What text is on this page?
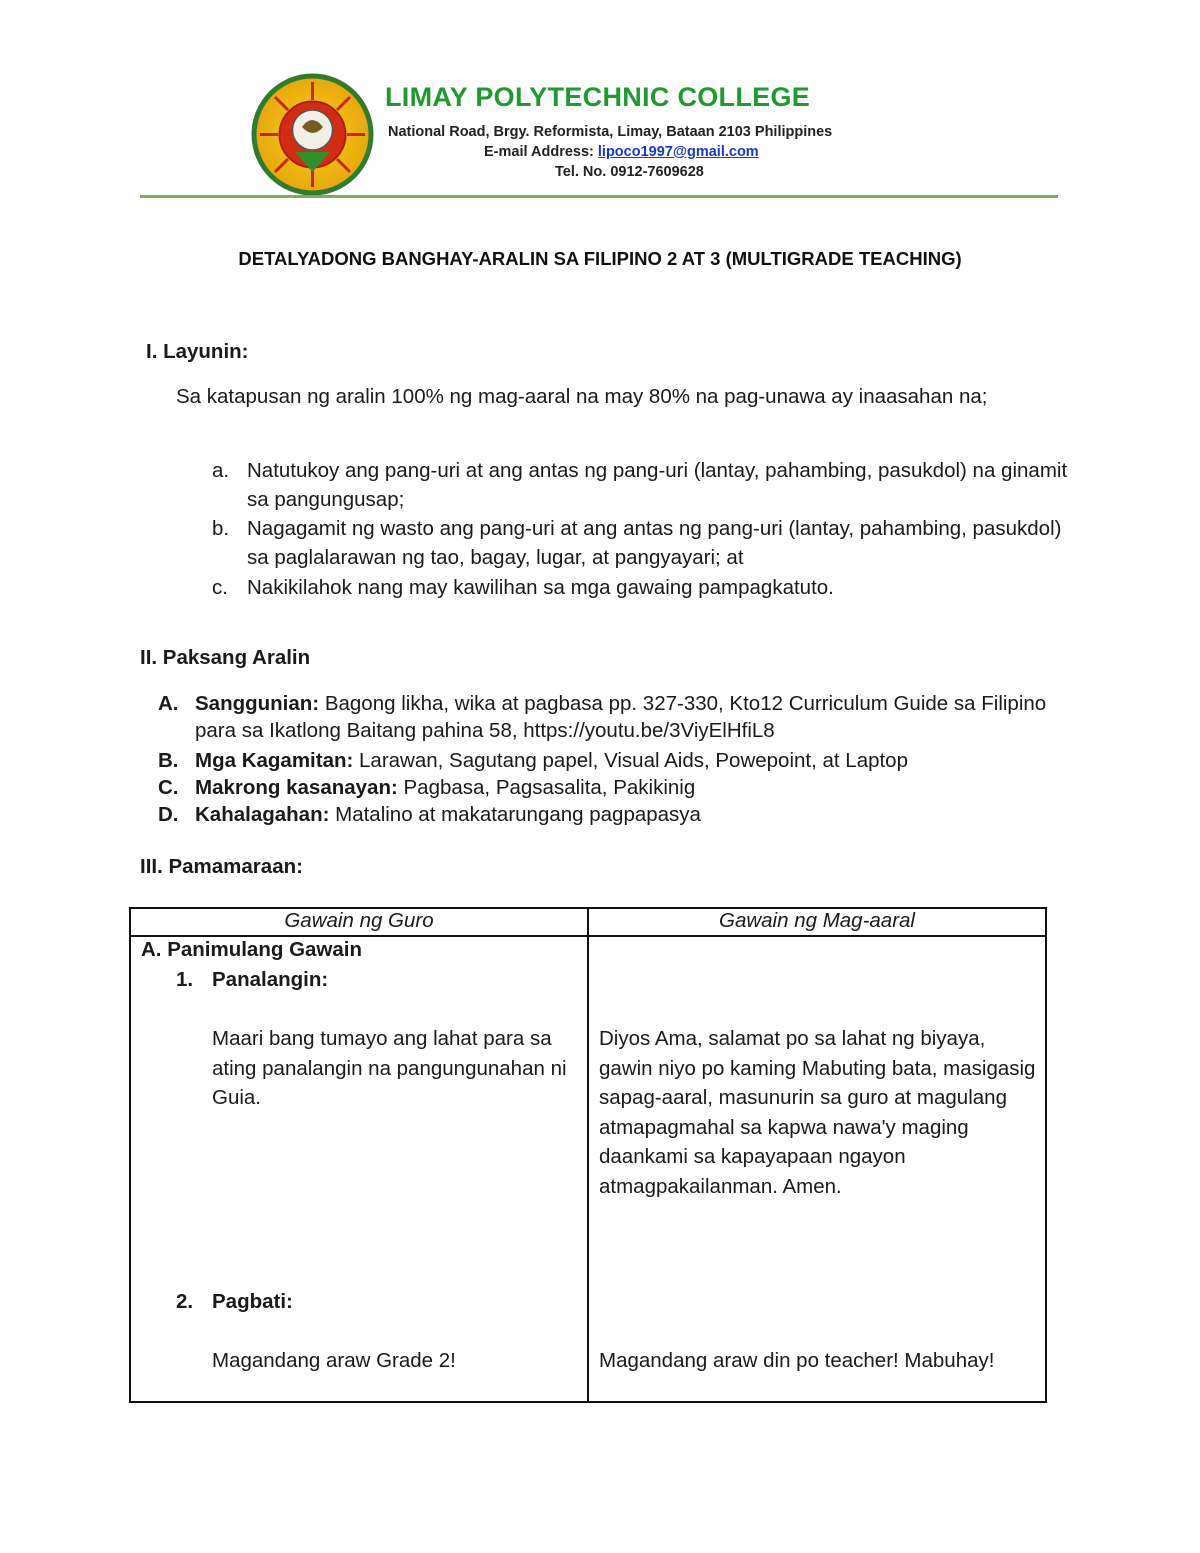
LIMAY POLYTECHNIC COLLEGE
National Road, Brgy. Reformista, Limay, Bataan 2103 Philippines
E-mail Address: lipoco1997@gmail.com
Tel. No. 0912-7609628
DETALYADONG BANGHAY-ARALIN SA FILIPINO 2 AT 3 (MULTIGRADE TEACHING)
I. Layunin:
Sa katapusan ng aralin 100% ng mag-aaral na may 80% na pag-unawa ay inaasahan na;
a. Natutukoy ang pang-uri at ang antas ng pang-uri (lantay, pahambing, pasukdol) na ginamit sa pangungusap;
b. Nagagamit ng wasto ang pang-uri at ang antas ng pang-uri (lantay, pahambing, pasukdol) sa paglalarawan ng tao, bagay, lugar, at pangyayari; at
c. Nakikilahok nang may kawilihan sa mga gawaing pampagkatuto.
II. Paksang Aralin
A. Sanggunian: Bagong likha, wika at pagbasa pp. 327-330, Kto12 Curriculum Guide sa Filipino para sa Ikatlong Baitang pahina 58, https://youtu.be/3ViyElHfiL8
B. Mga Kagamitan: Larawan, Sagutang papel, Visual Aids, Powepoint, at Laptop
C. Makrong kasanayan: Pagbasa, Pagsasalita, Pakikinig
D. Kahalagahan: Matalino at makatarungang pagpapasya
III. Pamamaraan:
Gawain ng Guro	Gawain ng Mag-aaral
A. Panimulang Gawain
1. Panalangin:
Maari bang tumayo ang lahat para sa ating panalangin na pangungunahan ni Guia.
Diyos Ama, salamat po sa lahat ng biyaya, gawin niyo po kaming Mabuting bata, masigasig sapag-aaral, masunurin sa guro at magulang atmapagmahal sa kapwa nawa'y maging daankami sa kapayapaan ngayon atmagpakailanman. Amen.
2. Pagbati:
Magandang araw Grade 2!	Magandang araw din po teacher! Mabuhay!
